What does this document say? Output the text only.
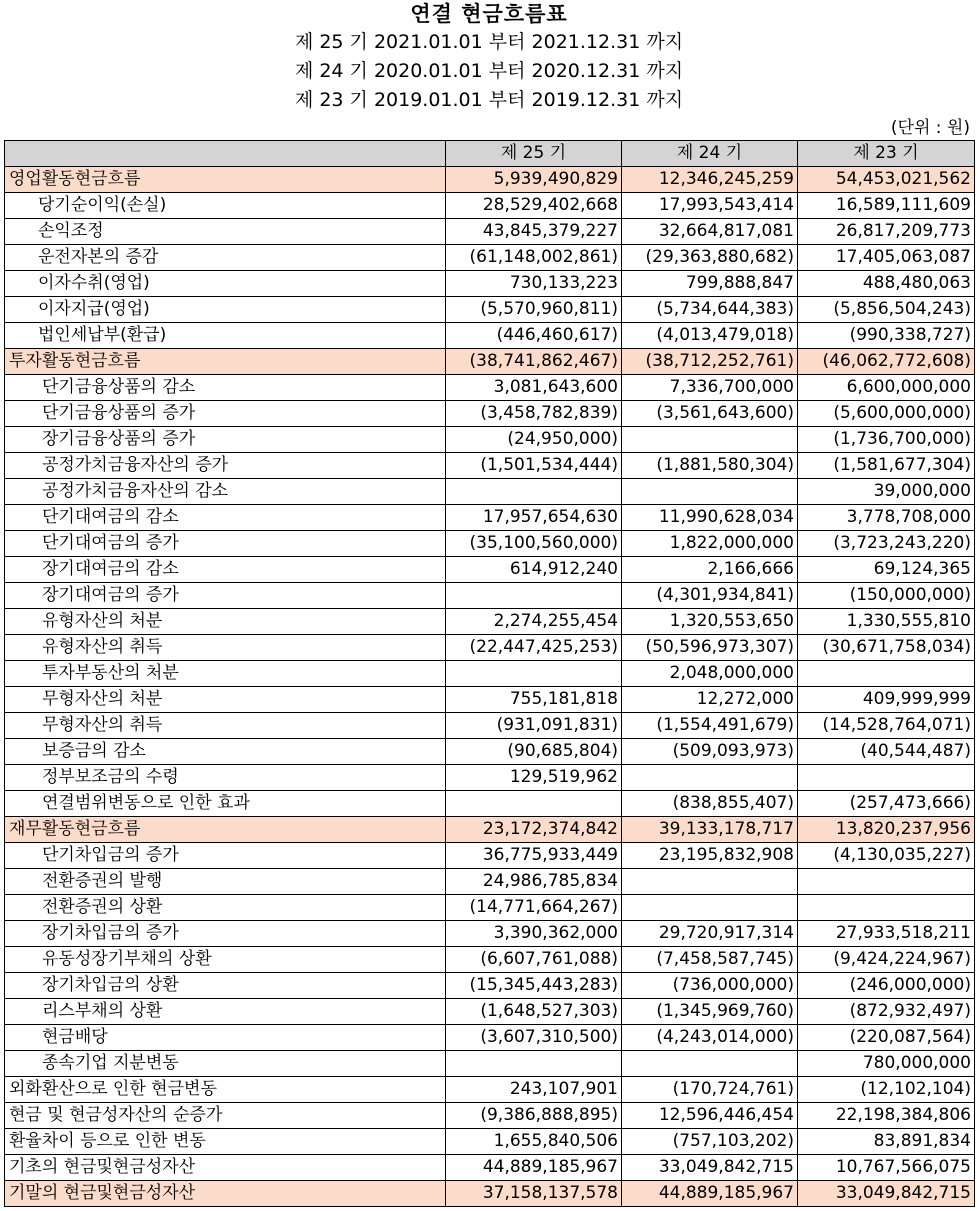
연결 현금흐름표
제 25 기 2021.01.01 부터 2021.12.31 까지
제 24 기 2020.01.01 부터 2020.12.31 까지
제 23 기 2019.01.01 부터 2019.12.31 까지
(단위 : 원)
	제 25 기	제 24 기	제 23 기
영업활동현금흐름	5,939,490,829	12,346,245,259	54,453,021,562
당기순이익(손실)	28,529,402,668	17,993,543,414	16,589,111,609
손익조정	43,845,379,227	32,664,817,081	26,817,209,773
운전자본의 증감	(61,148,002,861)	(29,363,880,682)	17,405,063,087
이자수취(영업)	730,133,223	799,888,847	488,480,063
이자지급(영업)	(5,570,960,811)	(5,734,644,383)	(5,856,504,243)
법인세납부(환급)	(446,460,617)	(4,013,479,018)	(990,338,727)
투자활동현금흐름	(38,741,862,467)	(38,712,252,761)	(46,062,772,608)
단기금융상품의 감소	3,081,643,600	7,336,700,000	6,600,000,000
단기금융상품의 증가	(3,458,782,839)	(3,561,643,600)	(5,600,000,000)
장기금융상품의 증가	(24,950,000)		(1,736,700,000)
공정가치금융자산의 증가	(1,501,534,444)	(1,881,580,304)	(1,581,677,304)
공정가치금융자산의 감소			39,000,000
단기대여금의 감소	17,957,654,630	11,990,628,034	3,778,708,000
단기대여금의 증가	(35,100,560,000)	1,822,000,000	(3,723,243,220)
장기대여금의 감소	614,912,240	2,166,666	69,124,365
장기대여금의 증가		(4,301,934,841)	(150,000,000)
유형자산의 처분	2,274,255,454	1,320,553,650	1,330,555,810
유형자산의 취득	(22,447,425,253)	(50,596,973,307)	(30,671,758,034)
투자부동산의 처분		2,048,000,000	
무형자산의 처분	755,181,818	12,272,000	409,999,999
무형자산의 취득	(931,091,831)	(1,554,491,679)	(14,528,764,071)
보증금의 감소	(90,685,804)	(509,093,973)	(40,544,487)
정부보조금의 수령	129,519,962		
연결범위변동으로 인한 효과		(838,855,407)	(257,473,666)
재무활동현금흐름	23,172,374,842	39,133,178,717	13,820,237,956
단기차입금의 증가	36,775,933,449	23,195,832,908	(4,130,035,227)
전환증권의 발행	24,986,785,834		
전환증권의 상환	(14,771,664,267)		
장기차입금의 증가	3,390,362,000	29,720,917,314	27,933,518,211
유동성장기부채의 상환	(6,607,761,088)	(7,458,587,745)	(9,424,224,967)
장기차입금의 상환	(15,345,443,283)	(736,000,000)	(246,000,000)
리스부채의 상환	(1,648,527,303)	(1,345,969,760)	(872,932,497)
현금배당	(3,607,310,500)	(4,243,014,000)	(220,087,564)
종속기업 지분변동			780,000,000
외화환산으로 인한 현금변동	243,107,901	(170,724,761)	(12,102,104)
현금 및 현금성자산의 순증가	(9,386,888,895)	12,596,446,454	22,198,384,806
환율차이 등으로 인한 변동	1,655,840,506	(757,103,202)	83,891,834
기초의 현금및현금성자산	44,889,185,967	33,049,842,715	10,767,566,075
기말의 현금및현금성자산	37,158,137,578	44,889,185,967	33,049,842,715
